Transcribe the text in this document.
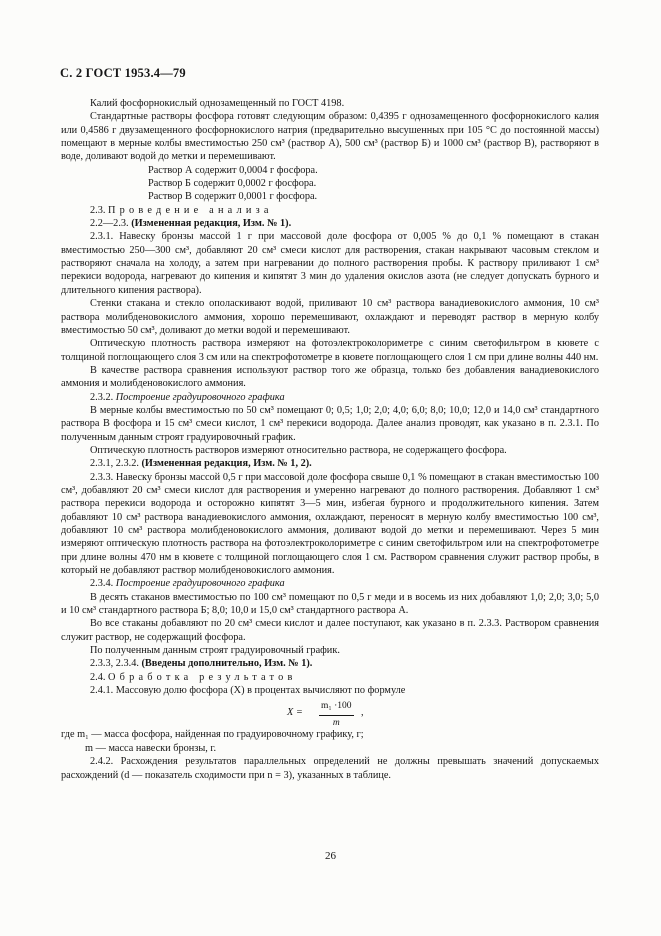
С. 2 ГОСТ 1953.4—79

Калий фосфорнокислый однозамещенный по ГОСТ 4198.

Стандартные растворы фосфора готовят следующим образом: 0,4395 г однозамещенного фосфорнокислого калия или 0,4586 г двузамещенного фосфорнокислого натрия (предварительно высушенных при 105 °С до постоянной массы) помещают в мерные колбы вместимостью 250 см³ (раствор А), 500 см³ (раствор Б) и 1000 см³ (раствор В), растворяют в воде, доливают водой до метки и перемешивают.

Раствор А содержит 0,0004 г фосфора.

Раствор Б содержит 0,0002 г фосфора.

Раствор В содержит 0,0001 г фосфора.

2.3. Проведение анализа

2.2—2.3. (Измененная редакция, Изм. № 1).

2.3.1. Навеску бронзы массой 1 г при массовой доле фосфора от 0,005 % до 0,1 % помещают в стакан вместимостью 250—300 см³, добавляют 20 см³ смеси кислот для растворения, стакан накрывают часовым стеклом и растворяют сначала на холоду, а затем при нагревании до полного растворения пробы. К раствору приливают 1 см³ перекиси водорода, нагревают до кипения и кипятят 3 мин до удаления окислов азота (не следует допускать бурного и длительного кипения раствора).

Стенки стакана и стекло ополаскивают водой, приливают 10 см³ раствора ванадиевокислого аммония, 10 см³ раствора молибденовокислого аммония, хорошо перемешивают, охлаждают и переводят раствор в мерную колбу вместимостью 50 см³, доливают до метки водой и перемешивают.

Оптическую плотность раствора измеряют на фотоэлектроколориметре с синим светофильтром в кювете с толщиной поглощающего слоя 3 см или на спектрофотометре в кювете поглощающего слоя 1 см при длине волны 440 нм.

В качестве раствора сравнения используют раствор того же образца, только без добавления ванадиевокислого аммония и молибденовокислого аммония.

2.3.2. Построение градуировочного графика

В мерные колбы вместимостью по 50 см³ помещают 0; 0,5; 1,0; 2,0; 4,0; 6,0; 8,0; 10,0; 12,0 и 14,0 см³ стандартного раствора В фосфора и 15 см³ смеси кислот, 1 см³ перекиси водорода. Далее анализ проводят, как указано в п. 2.3.1. По полученным данным строят градуировочный график.

Оптическую плотность растворов измеряют относительно раствора, не содержащего фосфора.

2.3.1, 2.3.2. (Измененная редакция, Изм. № 1, 2).

2.3.3. Навеску бронзы массой 0,5 г при массовой доле фосфора свыше 0,1 % помещают в стакан вместимостью 100 см³, добавляют 20 см³ смеси кислот для растворения и умеренно нагревают до полного растворения. Добавляют 1 см³ раствора перекиси водорода и осторожно кипятят 3—5 мин, избегая бурного и продолжительного кипения. Затем добавляют 10 см³ раствора ванадиевокислого аммония, охлаждают, переносят в мерную колбу вместимостью 100 см³, добавляют 10 см³ раствора молибденовокислого аммония, доливают водой до метки и перемешивают. Через 5 мин измеряют оптическую плотность раствора на фотоэлектроколориметре с синим светофильтром или на спектрофотометре при длине волны 470 нм в кювете с толщиной поглощающего слоя 1 см. Раствором сравнения служит раствор пробы, в который не добавляют раствор молибденовокислого аммония.

2.3.4. Построение градуировочного графика

В десять стаканов вместимостью по 100 см³ помещают по 0,5 г меди и в восемь из них добавляют 1,0; 2,0; 3,0; 5,0 и 10 см³ стандартного раствора Б; 8,0; 10,0 и 15,0 см³ стандартного раствора А.

Во все стаканы добавляют по 20 см³ смеси кислот и далее поступают, как указано в п. 2.3.3. Раствором сравнения служит раствор, не содержащий фосфора.

По полученным данным строят градуировочный график.

2.3.3, 2.3.4. (Введены дополнительно, Изм. № 1).

2.4. Обработка результатов

2.4.1. Массовую долю фосфора (X) в процентах вычисляют по формуле

$X = \frac{\text{m₁ ·100}}{m}$ ,

где m₁ — масса фосфора, найденная по градуировочному графику, г;

m — масса навески бронзы, г.

2.4.2. Расхождения результатов параллельных определений не должны превышать значений допускаемых расхождений (d — показатель сходимости при n = 3), указанных в таблице.

26
